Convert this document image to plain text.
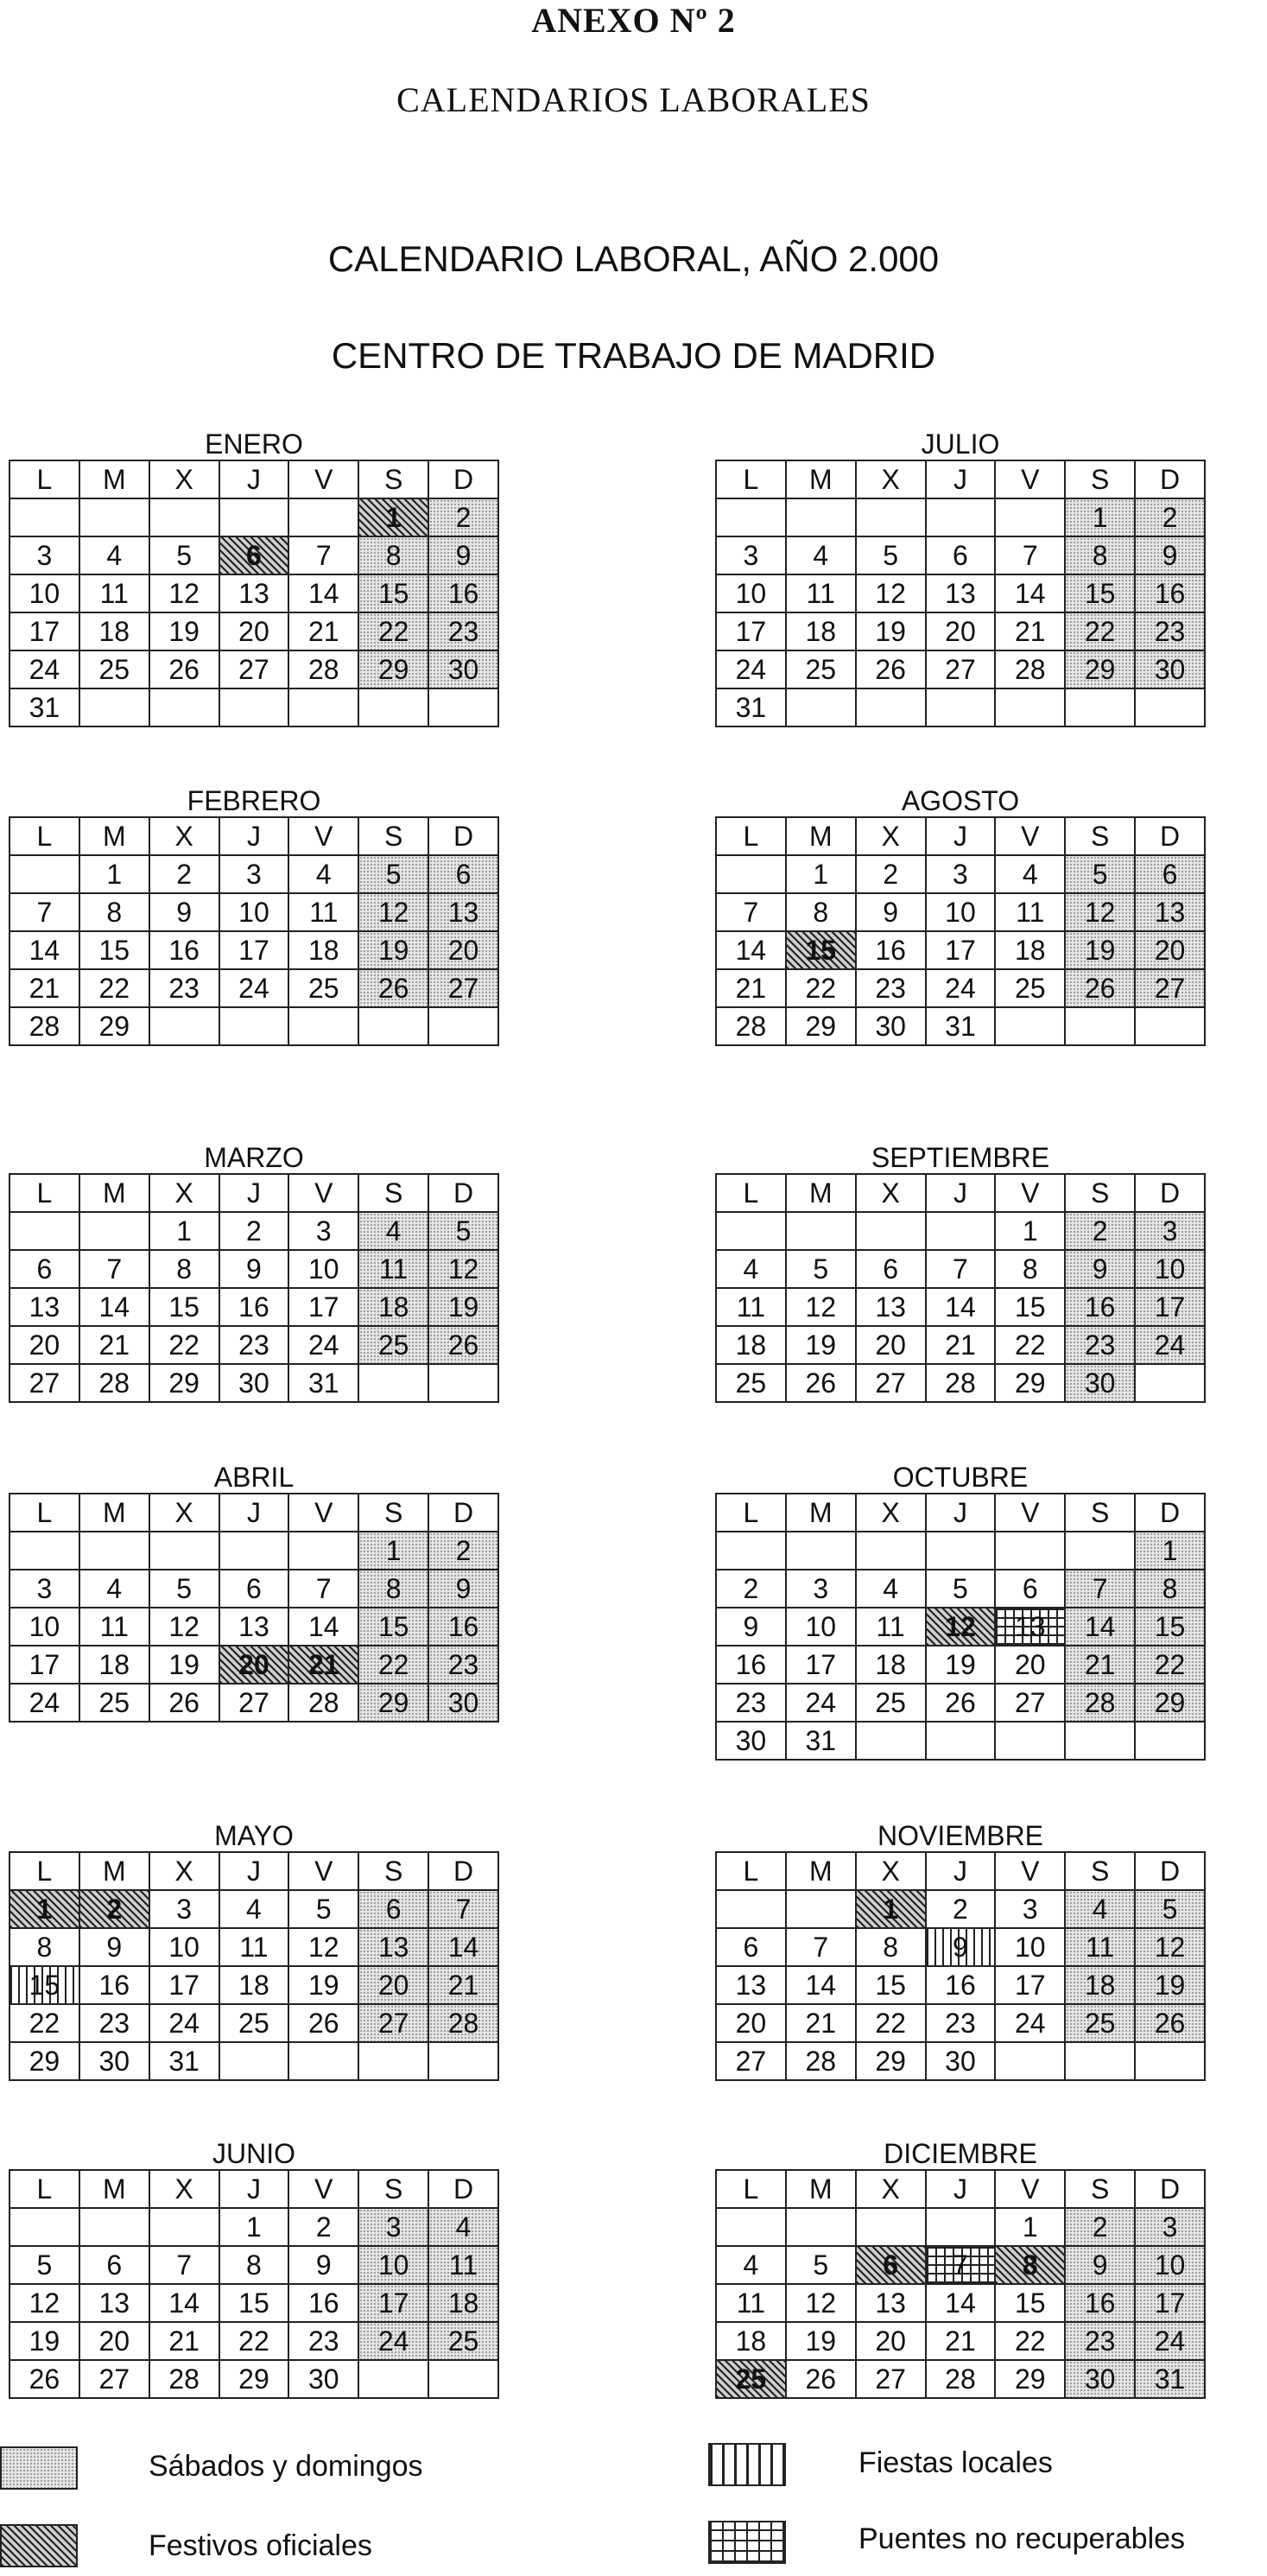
ANEXO Nº 2
CALENDARIOS LABORALES
CALENDARIO LABORAL, AÑO 2.000
CENTRO DE TRABAJO DE MADRID
ENERO
L	M	X	J	V	S	D
					1	2
3	4	5	6	7	8	9
10	11	12	13	14	15	16
17	18	19	20	21	22	23
24	25	26	27	28	29	30
31						
FEBRERO
L	M	X	J	V	S	D
	1	2	3	4	5	6
7	8	9	10	11	12	13
14	15	16	17	18	19	20
21	22	23	24	25	26	27
28	29					
MARZO
L	M	X	J	V	S	D
		1	2	3	4	5
6	7	8	9	10	11	12
13	14	15	16	17	18	19
20	21	22	23	24	25	26
27	28	29	30	31		
ABRIL
L	M	X	J	V	S	D
					1	2
3	4	5	6	7	8	9
10	11	12	13	14	15	16
17	18	19	20	21	22	23
24	25	26	27	28	29	30
MAYO
L	M	X	J	V	S	D
1	2	3	4	5	6	7
8	9	10	11	12	13	14
15	16	17	18	19	20	21
22	23	24	25	26	27	28
29	30	31				
JUNIO
L	M	X	J	V	S	D
			1	2	3	4
5	6	7	8	9	10	11
12	13	14	15	16	17	18
19	20	21	22	23	24	25
26	27	28	29	30		
JULIO
L	M	X	J	V	S	D
					1	2
3	4	5	6	7	8	9
10	11	12	13	14	15	16
17	18	19	20	21	22	23
24	25	26	27	28	29	30
31						
AGOSTO
L	M	X	J	V	S	D
	1	2	3	4	5	6
7	8	9	10	11	12	13
14	15	16	17	18	19	20
21	22	23	24	25	26	27
28	29	30	31			
SEPTIEMBRE
L	M	X	J	V	S	D
				1	2	3
4	5	6	7	8	9	10
11	12	13	14	15	16	17
18	19	20	21	22	23	24
25	26	27	28	29	30	
OCTUBRE
L	M	X	J	V	S	D
						1
2	3	4	5	6	7	8
9	10	11	12	13	14	15
16	17	18	19	20	21	22
23	24	25	26	27	28	29
30	31					
NOVIEMBRE
L	M	X	J	V	S	D
		1	2	3	4	5
6	7	8	9	10	11	12
13	14	15	16	17	18	19
20	21	22	23	24	25	26
27	28	29	30			
DICIEMBRE
L	M	X	J	V	S	D
				1	2	3
4	5	6	7	8	9	10
11	12	13	14	15	16	17
18	19	20	21	22	23	24
25	26	27	28	29	30	31
Sábados y domingos
Festivos oficiales
Fiestas locales
Puentes no recuperables
